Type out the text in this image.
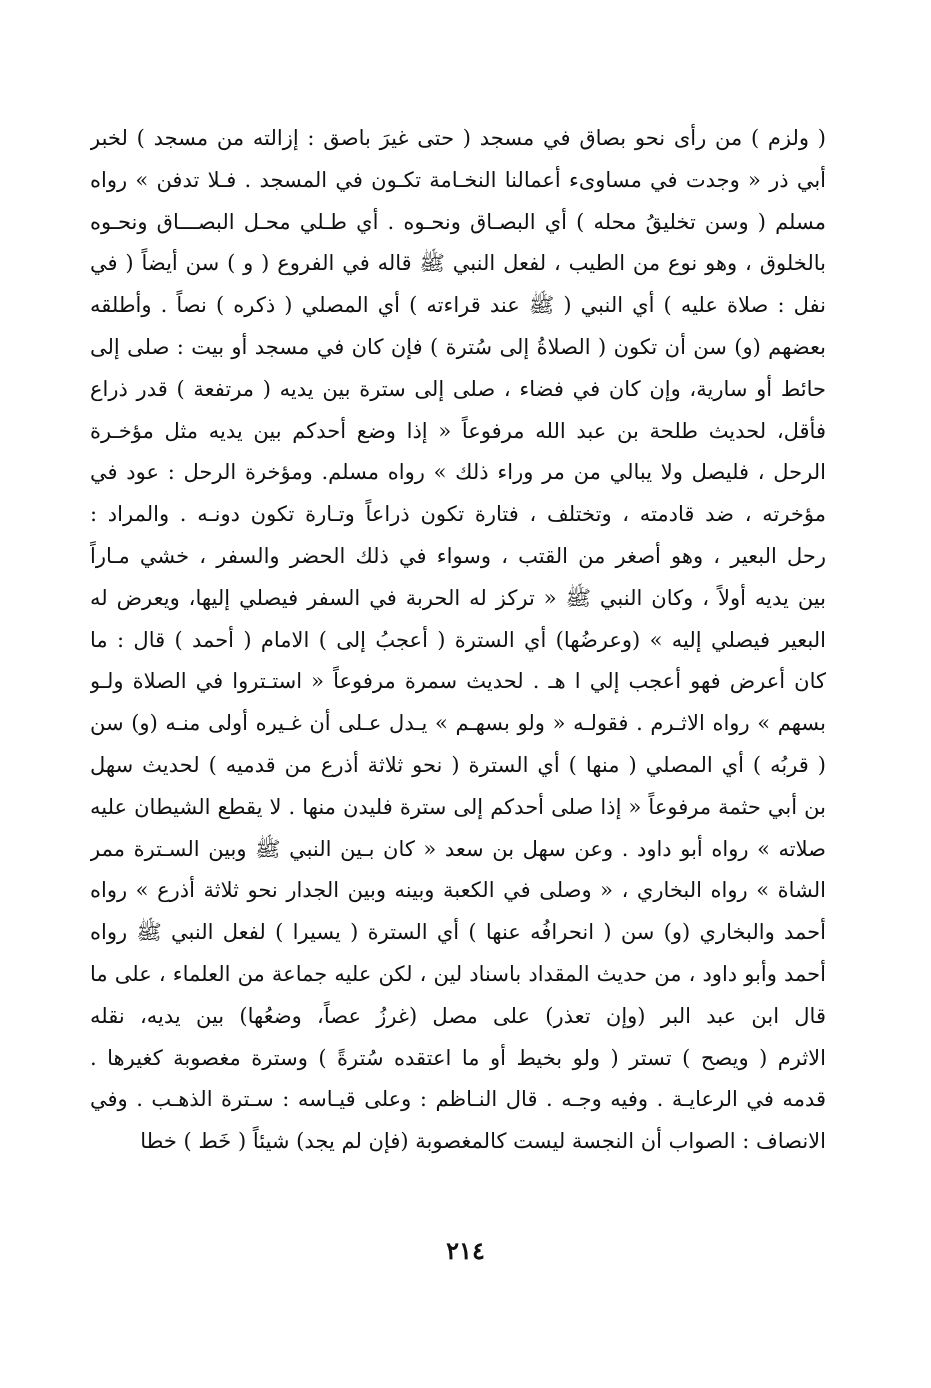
( ولزم ) من رأى نحو بصاق في مسجد ( حتى غيرَ باصق : إزالته من مسجد ) لخبر
أبي ذر « وجدت في مساوىء أعمالنا النخـامة تكـون في المسجد . فـلا تدفن » رواه
مسلم ( وسن تخليقُ محله ) أي البصـاق ونحـوه . أي طـلي محـل البصـــاق ونحـوه
بالخلوق ، وهو نوع من الطيب ، لفعل النبي ﷺ قاله في الفروع ( و ) سن أيضاً ( في
نفل : صلاة عليه ) أي النبي ( ﷺ عند قراءته ) أي المصلي ( ذكره ) نصاً . وأطلقه
بعضهم (و) سن أن تكون ( الصلاةُ إلى سُترة ) فإن كان في مسجد أو بيت : صلى إلى
حائط أو سارية، وإن كان في فضاء ، صلى إلى سترة بين يديه ( مرتفعة ) قدر ذراع
فأقل، لحديث طلحة بن عبد الله مرفوعاً « إذا وضع أحدكم بين يديه مثل مؤخـرة
الرحل ، فليصل ولا يبالي من مر وراء ذلك » رواه مسلم. ومؤخرة الرحل : عود في
مؤخرته ، ضد قادمته ، وتختلف ، فتارة تكون ذراعاً وتـارة تكون دونـه . والمراد :
رحل البعير ، وهو أصغر من القتب ، وسواء في ذلك الحضر والسفر ، خشي مـاراً
بين يديه أولاً ، وكان النبي ﷺ « تركز له الحربة في السفر فيصلي إليها، ويعرض له
البعير فيصلي إليه » (وعرضُها) أي السترة ( أعجبُ إلى ) الامام ( أحمد ) قال : ما
كان أعرض فهو أعجب إلي ا هـ . لحديث سمرة مرفوعاً « استـتروا في الصلاة ولـو
بسهم » رواه الاثـرم . فقولـه « ولو بسهـم » يـدل عـلى أن غـيره أولى منـه (و) سن
( قربُه ) أي المصلي ( منها ) أي السترة ( نحو ثلاثة أذرع من قدميه ) لحديث سهل
بن أبي حثمة مرفوعاً « إذا صلى أحدكم إلى سترة فليدن منها . لا يقطع الشيطان عليه
صلاته » رواه أبو داود . وعن سهل بن سعد « كان بـين النبي ﷺ وبين السـترة ممر
الشاة » رواه البخاري ، « وصلى في الكعبة وبينه وبين الجدار نحو ثلاثة أذرع » رواه
أحمد والبخاري (و) سن ( انحرافُه عنها ) أي السترة ( يسيرا ) لفعل النبي ﷺ رواه
أحمد وأبو داود ، من حديث المقداد باسناد لين ، لكن عليه جماعة من العلماء ، على ما
قال ابن عبد البر (وإن تعذر) على مصل (غرزُ عصاً، وضعُها) بين يديه، نقله
الاثرم ( ويصح ) تستر ( ولو بخيط أو ما اعتقده سُترةً ) وسترة مغصوبة كغيرها .
قدمه في الرعايـة . وفيه وجـه . قال النـاظم : وعلى قيـاسه : سـترة الذهـب . وفي
الانصاف : الصواب أن النجسة ليست كالمغصوبة (فإن لم يجد) شيئاً ( خَط ) خطا
٢١٤
